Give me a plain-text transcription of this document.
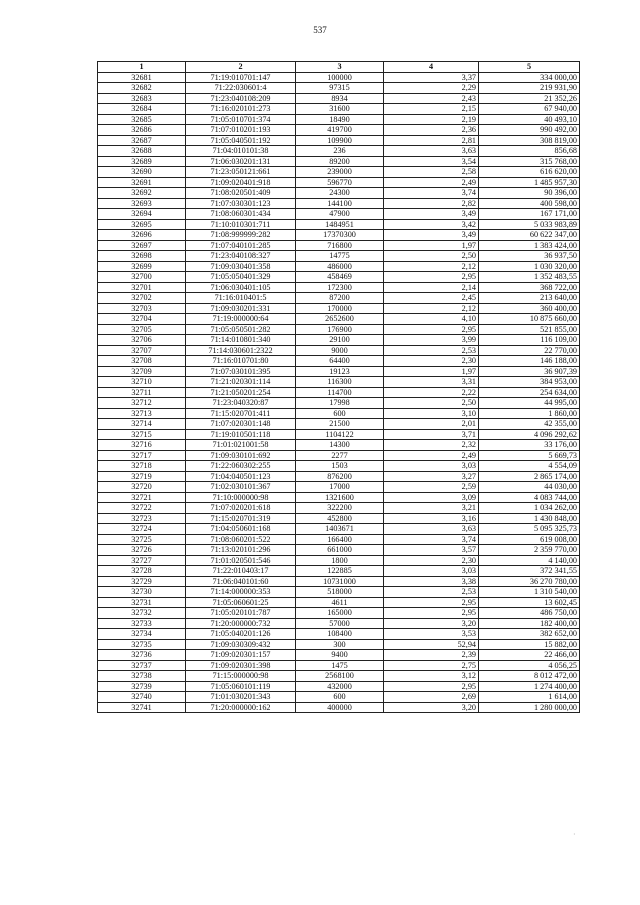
537
1	2	3	4	5
32681	71:19:010701:147	100000	3,37	334 000,00
32682	71:22:030601:4	97315	2,29	219 931,90
32683	71:23:040108:209	8934	2,43	21 352,26
32684	71:16:020101:273	31600	2,15	67 940,00
32685	71:05:010701:374	18490	2,19	40 493,10
32686	71:07:010201:193	419700	2,36	990 492,00
32687	71:05:040501:192	109900	2,81	308 819,00
32688	71:04:010101:38	236	3,63	856,68
32689	71:06:030201:131	89200	3,54	315 768,00
32690	71:23:050121:661	239000	2,58	616 620,00
32691	71:09:020401:918	596770	2,49	1 485 957,30
32692	71:08:020501:409	24300	3,74	90 396,00
32693	71:07:030301:123	144100	2,82	400 598,00
32694	71:08:060301:434	47900	3,49	167 171,00
32695	71:10:010301:711	1484951	3,42	5 033 983,89
32696	71:08:999999:282	17370300	3,49	60 622 347,00
32697	71:07:040101:285	716800	1,97	1 383 424,00
32698	71:23:040108:327	14775	2,50	36 937,50
32699	71:09:030401:358	486000	2,12	1 030 320,00
32700	71:05:050401:329	458469	2,95	1 352 483,55
32701	71:06:030401:105	172300	2,14	368 722,00
32702	71:16:010401:5	87200	2,45	213 640,00
32703	71:09:030201:331	170000	2,12	360 400,00
32704	71:19:000000:64	2652600	4,10	10 875 660,00
32705	71:05:050501:282	176900	2,95	521 855,00
32706	71:14:010801:340	29100	3,99	116 109,00
32707	71:14:030601:2322	9000	2,53	22 770,00
32708	71:16:010701:80	64400	2,30	146 188,00
32709	71:07:030101:395	19123	1,97	36 907,39
32710	71:21:020301:114	116300	3,31	384 953,00
32711	71:21:050201:254	114700	2,22	254 634,00
32712	71:23:040320:87	17998	2,50	44 995,00
32713	71:15:020701:411	600	3,10	1 860,00
32714	71:07:020301:148	21500	2,01	42 355,00
32715	71:19:010501:118	1104122	3,71	4 096 292,62
32716	71:01:021001:58	14300	2,32	33 176,00
32717	71:09:030101:692	2277	2,49	5 669,73
32718	71:22:060302:255	1503	3,03	4 554,09
32719	71:04:040501:123	876200	3,27	2 865 174,00
32720	71:02:030101:367	17000	2,59	44 030,00
32721	71:10:000000:98	1321600	3,09	4 083 744,00
32722	71:07:020201:618	322200	3,21	1 034 262,00
32723	71:15:020701:319	452800	3,16	1 430 848,00
32724	71:04:050601:168	1403671	3,63	5 095 325,73
32725	71:08:060201:522	166400	3,74	619 008,00
32726	71:13:020101:296	661000	3,57	2 359 770,00
32727	71:01:020501:546	1800	2,30	4 140,00
32728	71:22:010403:17	122885	3,03	372 341,55
32729	71:06:040101:60	10731000	3,38	36 270 780,00
32730	71:14:000000:353	518000	2,53	1 310 540,00
32731	71:05:060601:25	4611	2,95	13 602,45
32732	71:05:020101:787	165000	2,95	486 750,00
32733	71:20:000000:732	57000	3,20	182 400,00
32734	71:05:040201:126	108400	3,53	382 652,00
32735	71:09:030309:432	300	52,94	15 882,00
32736	71:09:020301:157	9400	2,39	22 466,00
32737	71:09:020301:398	1475	2,75	4 056,25
32738	71:15:000000:98	2568100	3,12	8 012 472,00
32739	71:05:060101:119	432000	2,95	1 274 400,00
32740	71:01:030201:343	600	2,69	1 614,00
32741	71:20:000000:162	400000	3,20	1 280 000,00
·
